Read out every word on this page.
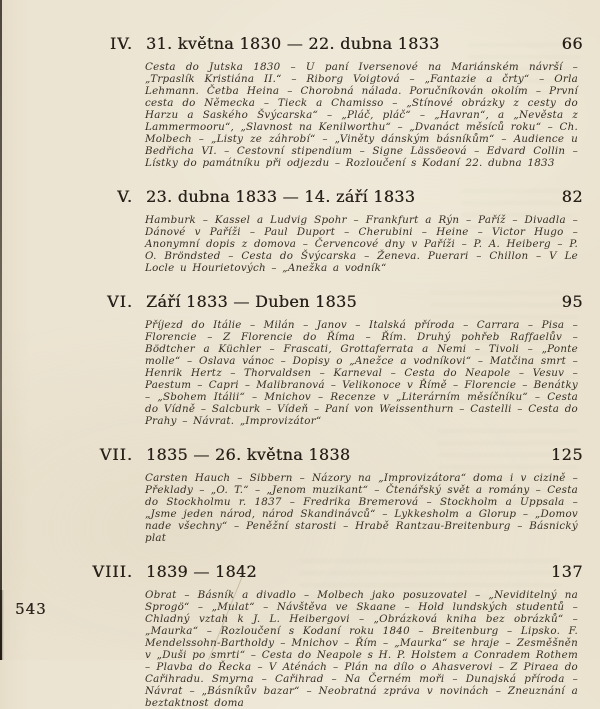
IV. 31. května 1830 — 22. dubna 1833	66

Cesta do Jutska 1830 – U paní Iversenové na Mariánském návrší – „Trpaslík Kristiána II.“ – Riborg Voigtová – „Fantazie a črty“ – Orla Lehmann. Četba Heina – Chorobná nálada. Poručníkován okolím – První cesta do Německa – Tieck a Chamisso – „Stínové obrázky z cesty do Harzu a Saského Švýcarska“ – „Pláč, pláč“ – „Havran“, a „Nevěsta z Lammermooru“, „Slavnost na Kenilworthu“ – „Dvanáct měsíců roku“ – Ch. Molbech – „Listy ze záhrobí“ – „Viněty dánským básníkům“ – Audience u Bedřicha VI. – Cestovní stipendium – Signe Lässöeová – Edvard Collin – Lístky do památníku při odjezdu – Rozloučení s Kodaní 22. dubna 1833

V. 23. dubna 1833 — 14. září 1833	82

Hamburk – Kassel a Ludvig Spohr – Frankfurt a Rýn – Paříž – Divadla – Dánové v Paříži – Paul Duport – Cherubini – Heine – Victor Hugo – Anonymní dopis z domova – Červencové dny v Paříži – P. A. Heiberg – P. O. Bröndsted – Cesta do Švýcarska – Ženeva. Puerari – Chillon – V Le Locle u Hourietových – „Anežka a vodník“

VI. Září 1833 — Duben 1835	95

Příjezd do Itálie – Milán – Janov – Italská příroda – Carrara – Pisa – Florencie – Z Florencie do Říma – Řím. Druhý pohřeb Raffaelův – Bödtcher a Küchler – Frascati, Grottaferrata a Nemi – Tivoli – „Ponte molle“ – Oslava vánoc – Dopisy o „Anežce a vodníkovi“ – Matčina smrt – Henrik Hertz – Thorvaldsen – Karneval – Cesta do Neapole – Vesuv – Paestum – Capri – Malibranová – Velikonoce v Římě – Florencie – Benátky – „Sbohem Itálii“ – Mnichov – Recenze v „Literárním měsíčníku“ – Cesta do Vídně – Salcburk – Vídeň – Paní von Weissenthurn – Castelli – Cesta do Prahy – Návrat. „Improvizátor“

VII. 1835 — 26. května 1838	125

Carsten Hauch – Sibbern – Názory na „Improvizátora“ doma i v cizině – Překlady – „O. T.“ – „Jenom muzikant“ – Čtenářský svět a romány – Cesta do Stockholmu r. 1837 – Fredrika Bremerová – Stockholm a Uppsala – „Jsme jeden národ, národ Skandinávců“ – Lykkesholm a Glorup – „Domov nade všechny“ – Peněžní starosti – Hrabě Rantzau-Breitenburg – Básnický plat

VIII. 1839 — 1842	137

Obrat – Básník a divadlo – Molbech jako posuzovatel – „Neviditelný na Sprogö“ – „Mulat“ – Návštěva ve Skaane – Hold lundských studentů – Chladný vztah k J. L. Heibergovi – „Obrázková kniha bez obrázků“ – „Maurka“ – Rozloučení s Kodaní roku 1840 – Breitenburg – Lipsko. F. Mendelssohn-Bartholdy – Mnichov – Řím – „Maurka“ se hraje – Zesměšněn v „Duši po smrti“ – Cesta do Neapole s H. P. Holstem a Conradem Rothem – Plavba do Řecka – V Aténách – Plán na dílo o Ahasverovi – Z Piraea do Cařihradu. Smyrna – Cařihrad – Na Černém moři – Dunajská příroda – Návrat – „Básníkův bazar“ – Neobratná zpráva v novinách – Zneuznání a beztaktnost doma

543
